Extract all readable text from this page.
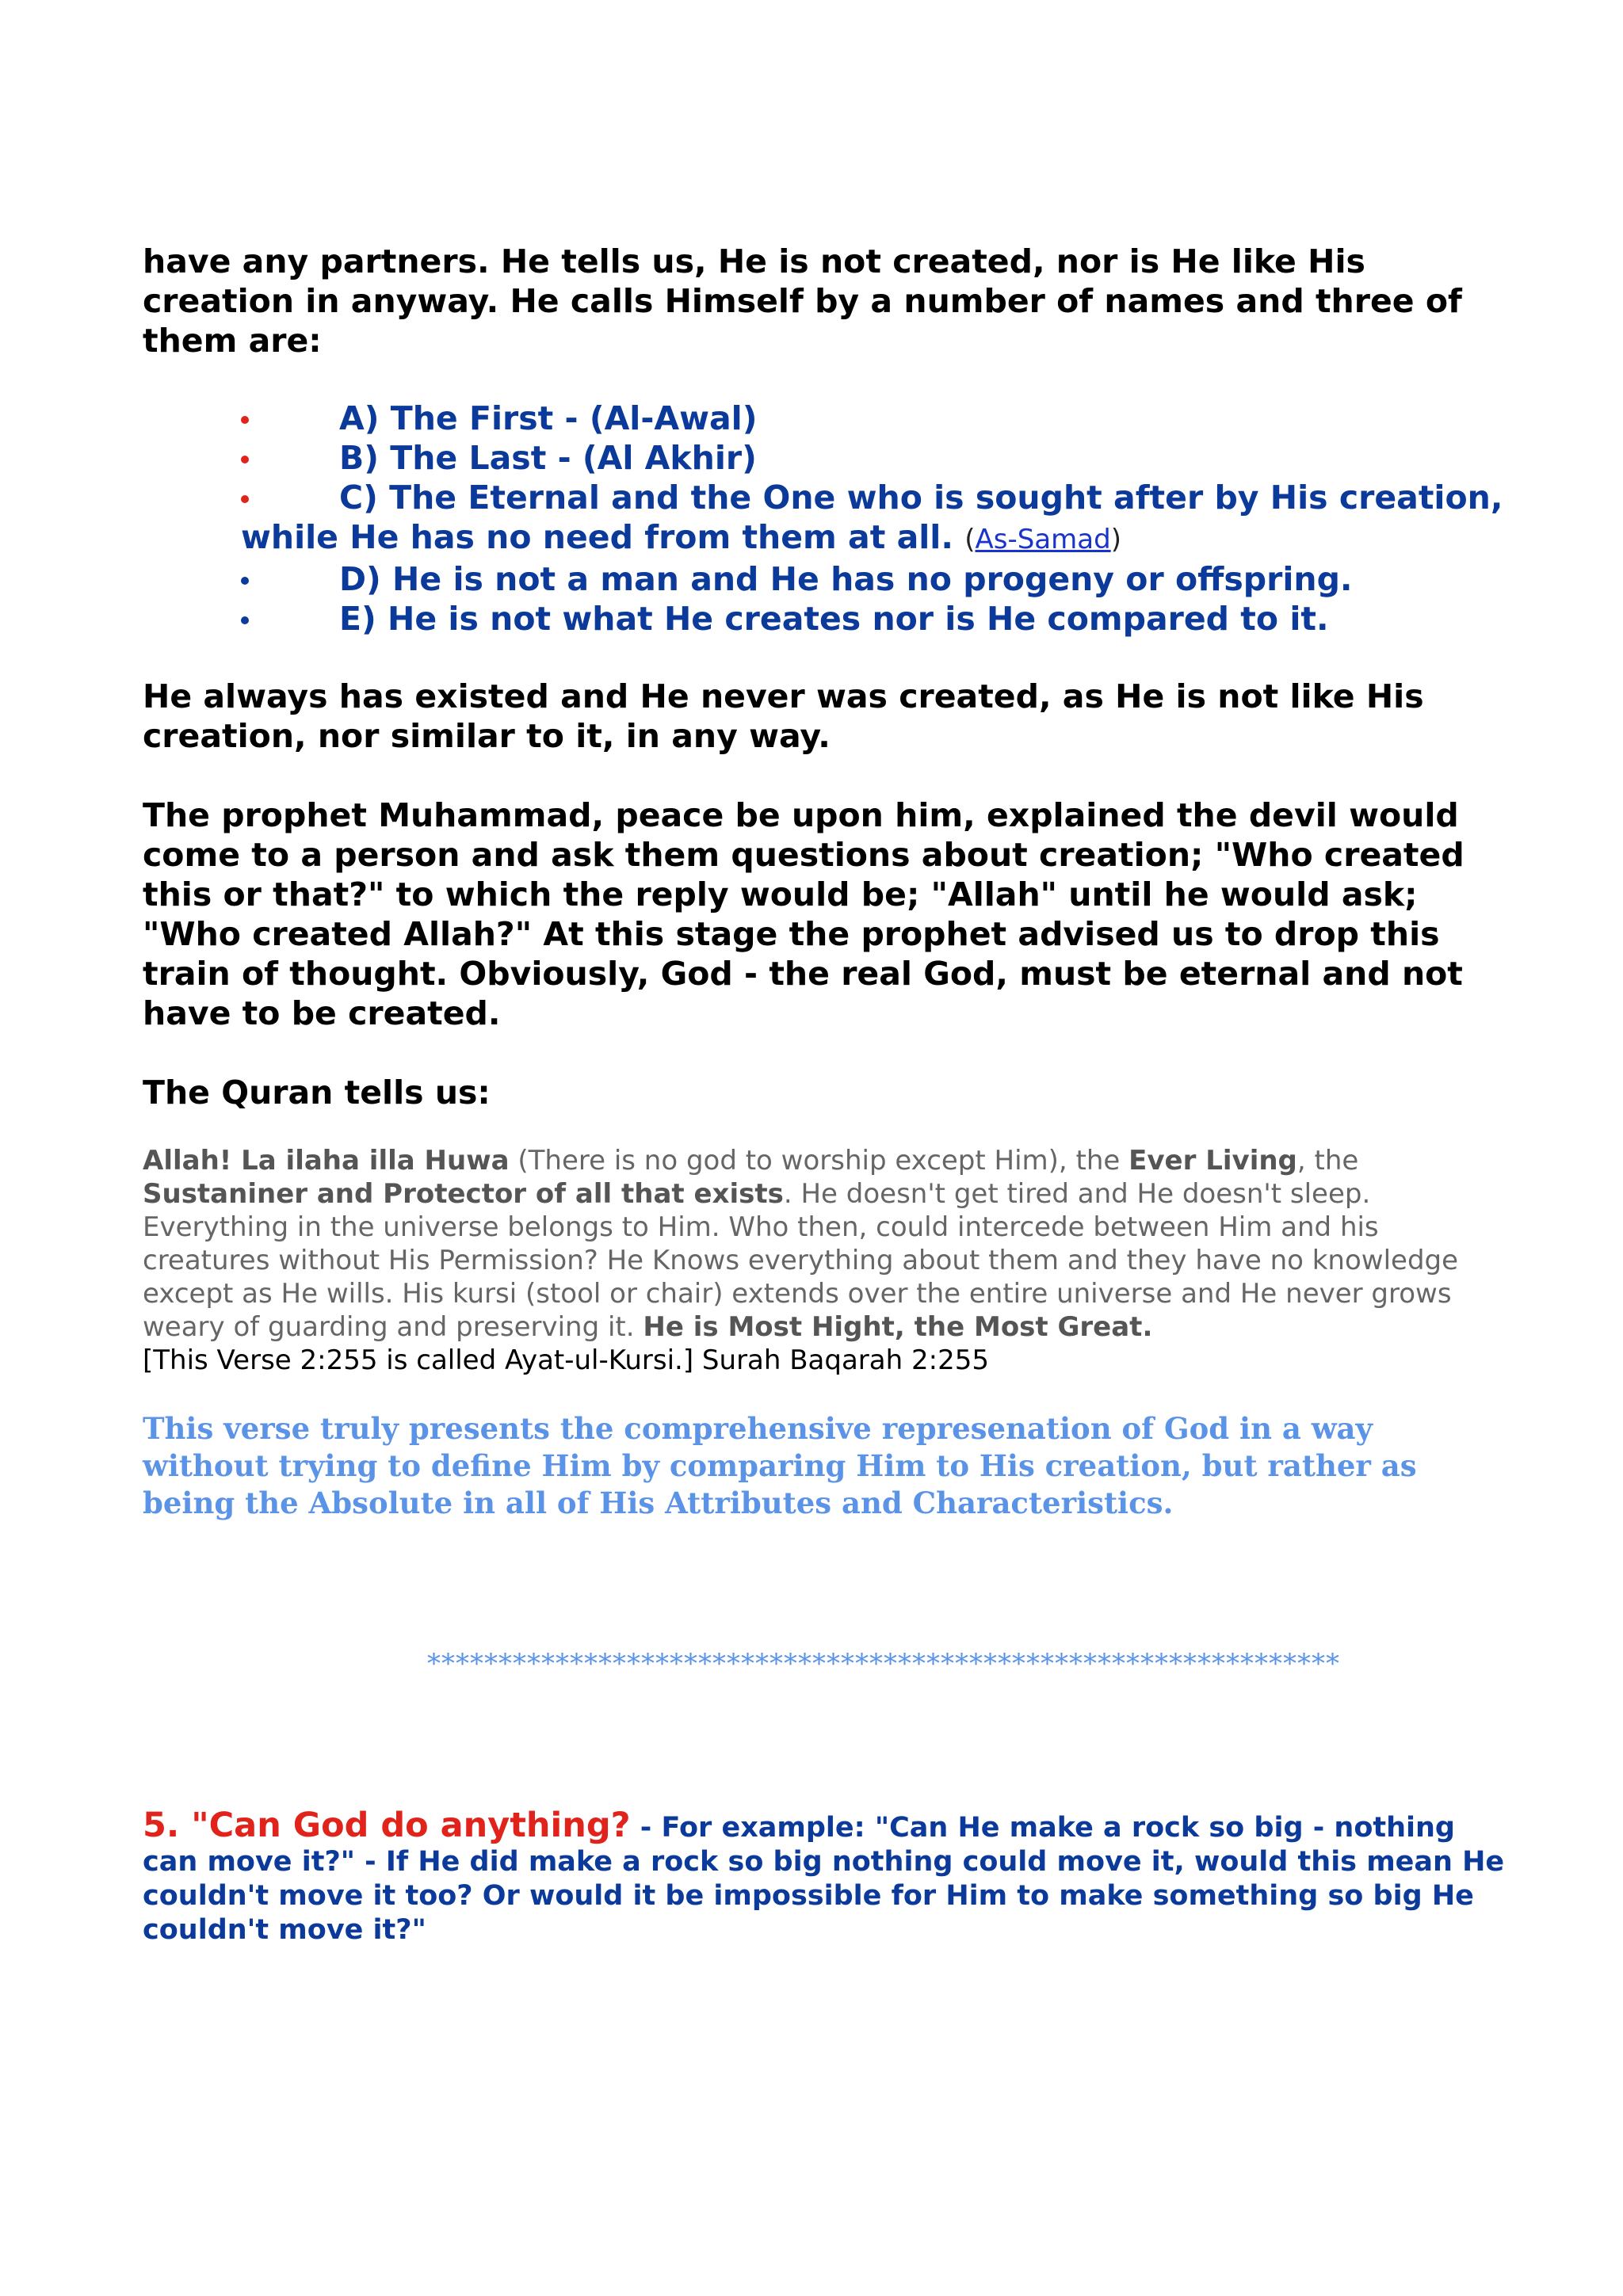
have any partners. He tells us, He is not created, nor is He like His creation in anyway. He calls Himself by a number of names and three of them are:

A) The First - (Al-Awal)
B) The Last - (Al Akhir)
C) The Eternal and the One who is sought after by His creation, while He has no need from them at all. (As-Samad)
D) He is not a man and He has no progeny or offspring.
E) He is not what He creates nor is He compared to it.

He always has existed and He never was created, as He is not like His creation, nor similar to it, in any way.

The prophet Muhammad, peace be upon him, explained the devil would come to a person and ask them questions about creation; "Who created this or that?" to which the reply would be; "Allah" until he would ask; "Who created Allah?" At this stage the prophet advised us to drop this train of thought. Obviously, God - the real God, must be eternal and not have to be created.

The Quran tells us:

Allah! La ilaha illa Huwa (There is no god to worship except Him), the Ever Living, the Sustaniner and Protector of all that exists. He doesn't get tired and He doesn't sleep. Everything in the universe belongs to Him. Who then, could intercede between Him and his creatures without His Permission? He Knows everything about them and they have no knowledge except as He wills. His kursi (stool or chair) extends over the entire universe and He never grows weary of guarding and preserving it. He is Most Hight, the Most Great.

[This Verse 2:255 is called Ayat-ul-Kursi.] Surah Baqarah 2:255

This verse truly presents the comprehensive represenation of God in a way without trying to define Him by comparing Him to His creation, but rather as being the Absolute in all of His Attributes and Characteristics.

****************************************************************
5. "Can God do anything? - For example: "Can He make a rock so big - nothing can move it?" - If He did make a rock so big nothing could move it, would this mean He couldn't move it too? Or would it be impossible for Him to make something so big He couldn't move it?"
